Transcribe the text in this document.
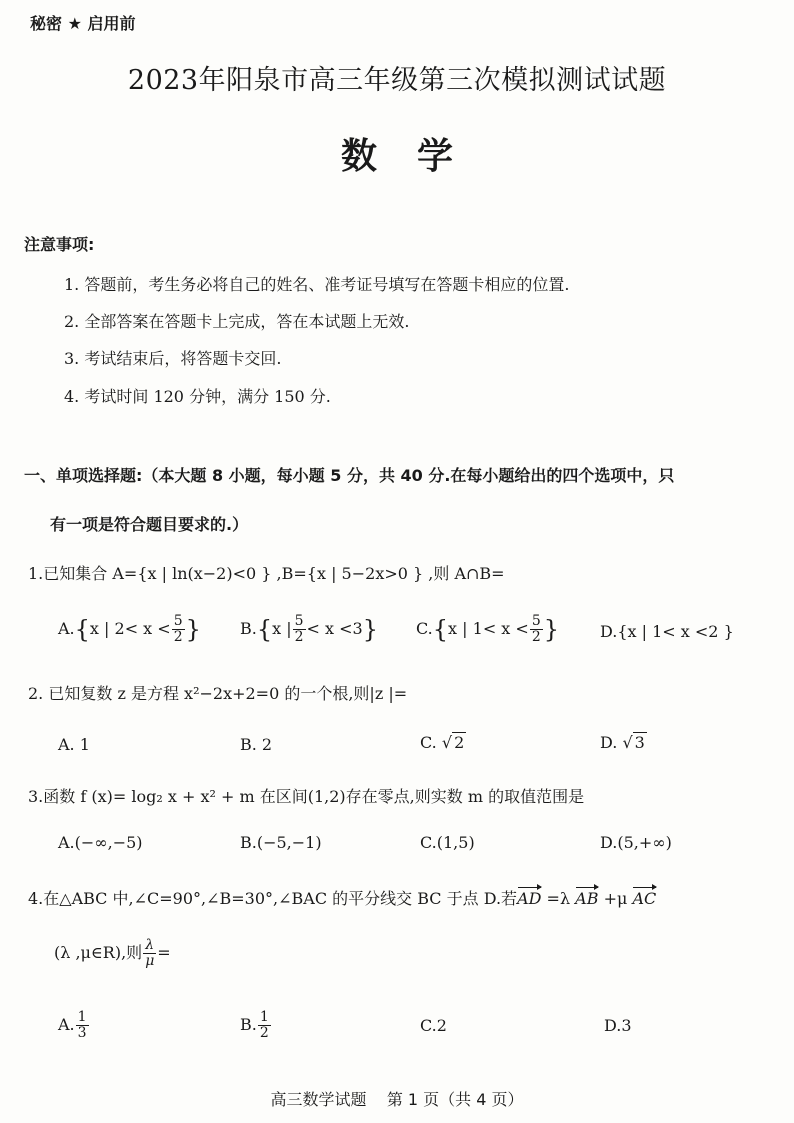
秘密 ★ 启用前
2023年阳泉市高三年级第三次模拟测试试题
数学
注意事项:
1. 答题前，考生务必将自己的姓名、准考证号填写在答题卡相应的位置.
2. 全部答案在答题卡上完成，答在本试题上无效.
3. 考试结束后，将答题卡交回.
4. 考试时间 120 分钟，满分 150 分.
一、单项选择题:（本大题 8 小题，每小题 5 分，共 40 分.在每小题给出的四个选项中，只
有一项是符合题目要求的.）
1.已知集合 A={x | ln(x−2)<0 } ,B={x | 5−2x>0 } ,则 A∩B=
A.{x | $2< x < \frac{5}{2}$ } B.{x | $\frac{5}{2} < x <3$} C.{x | $1< x < \frac{5}{2}$ }	D.{x | 1< x <2 }
2. 已知复数 z 是方程 x²−2x+2=0 的一个根,则|z |=
A. 1	B. 2	C. √ 2	D. √ 3
3.函数 f (x)= log₂ x + x² + m 在区间(1,2)存在零点,则实数 m 的取值范围是
A.(−∞,−5)	B.(−5,−1)	C.(1,5)	D.(5,+∞)
4.在△ABC 中,∠C=90°,∠B=30°,∠BAC 的平分线交 BC 于点 D.若AD =λ AB +μ AC
(λ ,μ∈R),则 $\frac{\lambda}{\mu}$ =
A. $\frac{1}{3}$	B. $\frac{1}{2}$	C.2	D.3
高三数学试题    第 1 页（共 4 页）
